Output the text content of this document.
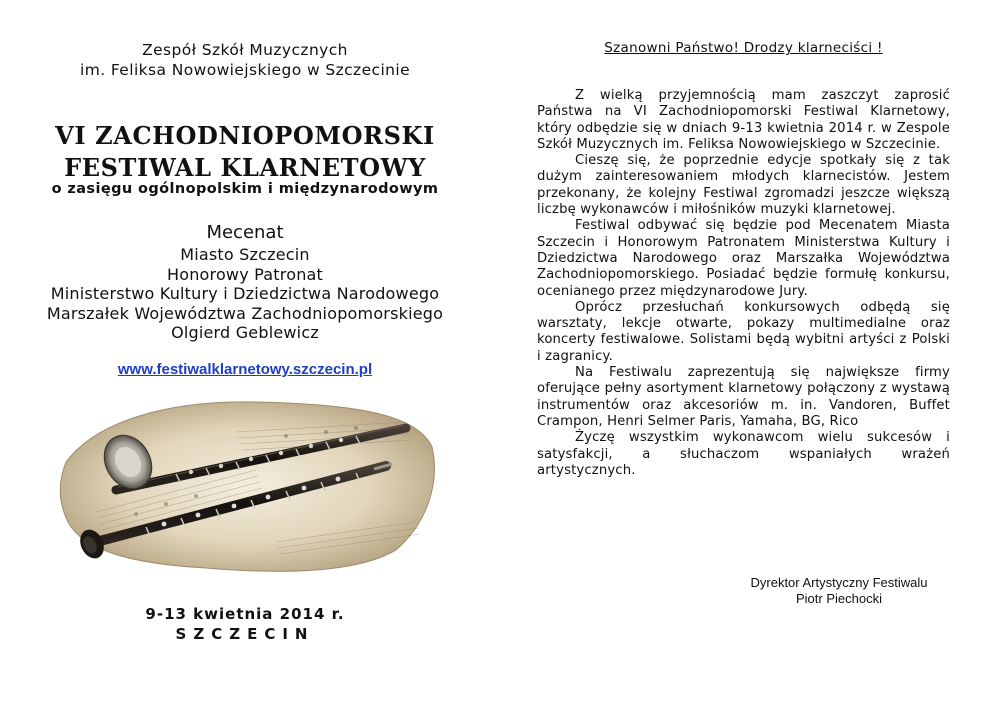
Zespół Szkół Muzycznych
im. Feliksa Nowowiejskiego w Szczecinie
VI ZACHODNIOPOMORSKI
FESTIWAL KLARNETOWY
o zasięgu ogólnopolskim i międzynarodowym
Mecenat
Miasto Szczecin
Honorowy Patronat
Ministerstwo Kultury i Dziedzictwa Narodowego
Marszałek Województwa Zachodniopomorskiego
Olgierd Geblewicz
www.festiwalklarnetowy.szczecin.pl
9-13 kwietnia 2014 r.
SZCZECIN
Szanowni Państwo! Drodzy klarneciści !

Z wielką przyjemnością mam zaszczyt zaprosić Państwa na VI Zachodniopomorski Festiwal Klarnetowy, który odbędzie się w dniach 9-13 kwietnia 2014 r. w Zespole Szkół Muzycznych im. Feliksa Nowowiejskiego w Szczecinie.

Cieszę się, że poprzednie edycje spotkały się z tak dużym zainteresowaniem młodych klarnecistów. Jestem przekonany, że kolejny Festiwal zgromadzi jeszcze większą liczbę wykonawców i miłośników muzyki klarnetowej.

Festiwal odbywać się będzie pod Mecenatem Miasta Szczecin i Honorowym Patronatem Ministerstwa Kultury i Dziedzictwa Narodowego oraz Marszałka Województwa Zachodniopomorskiego. Posiadać będzie formułę konkursu, ocenianego przez międzynarodowe Jury.

Oprócz przesłuchań konkursowych odbędą się warsztaty, lekcje otwarte, pokazy multimedialne oraz koncerty festiwalowe. Solistami będą wybitni artyści z Polski i zagranicy.

Na Festiwalu zaprezentują się największe firmy oferujące pełny asortyment klarnetowy połączony z wystawą instrumentów oraz akcesoriów m. in. Vandoren, Buffet Crampon, Henri Selmer Paris, Yamaha, BG, Rico

Życzę wszystkim wykonawcom wielu sukcesów i satysfakcji, a słuchaczom wspaniałych wrażeń artystycznych.

Dyrektor Artystyczny Festiwalu
Piotr Piechocki
